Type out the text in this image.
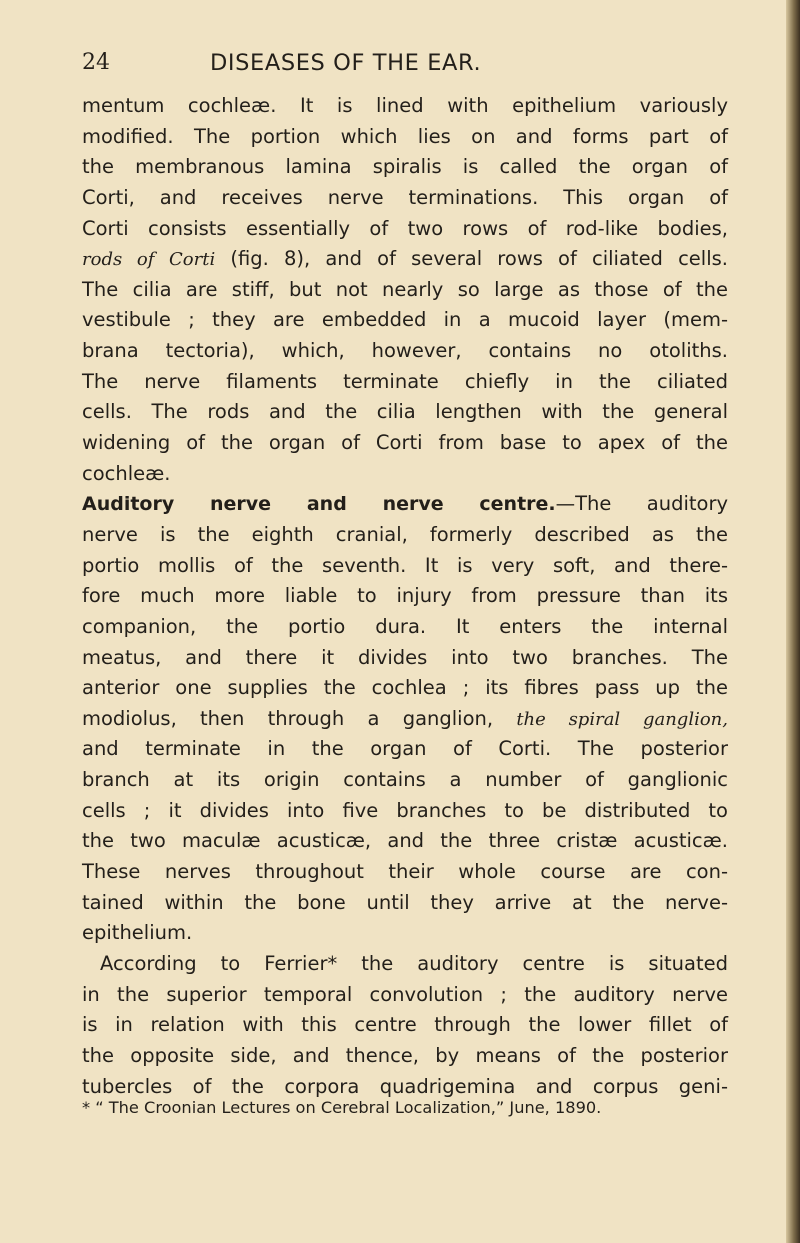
24	DISEASES OF THE EAR.
mentum cochleæ. It is lined with epithelium variously
modified. The portion which lies on and forms part of
the membranous lamina spiralis is called the organ of
Corti, and receives nerve terminations. This organ of
Corti consists essentially of two rows of rod-like bodies,
rods of Corti (fig. 8), and of several rows of ciliated cells.
The cilia are stiff, but not nearly so large as those of the
vestibule ; they are embedded in a mucoid layer (mem-
brana tectoria), which, however, contains no otoliths.
The nerve filaments terminate chiefly in the ciliated
cells. The rods and the cilia lengthen with the general
widening of the organ of Corti from base to apex of the
cochleæ.
Auditory nerve and nerve centre.—The auditory
nerve is the eighth cranial, formerly described as the
portio mollis of the seventh. It is very soft, and there-
fore much more liable to injury from pressure than its
companion, the portio dura. It enters the internal
meatus, and there it divides into two branches. The
anterior one supplies the cochlea ; its fibres pass up the
modiolus, then through a ganglion, the spiral ganglion,
and terminate in the organ of Corti. The posterior
branch at its origin contains a number of ganglionic
cells ; it divides into five branches to be distributed to
the two maculæ acusticæ, and the three cristæ acusticæ.
These nerves throughout their whole course are con-
tained within the bone until they arrive at the nerve-
epithelium.
According to Ferrier* the auditory centre is situated
in the superior temporal convolution ; the auditory nerve
is in relation with this centre through the lower fillet of
the opposite side, and thence, by means of the posterior
tubercles of the corpora quadrigemina and corpus geni-
* “ The Croonian Lectures on Cerebral Localization,” June, 1890.
